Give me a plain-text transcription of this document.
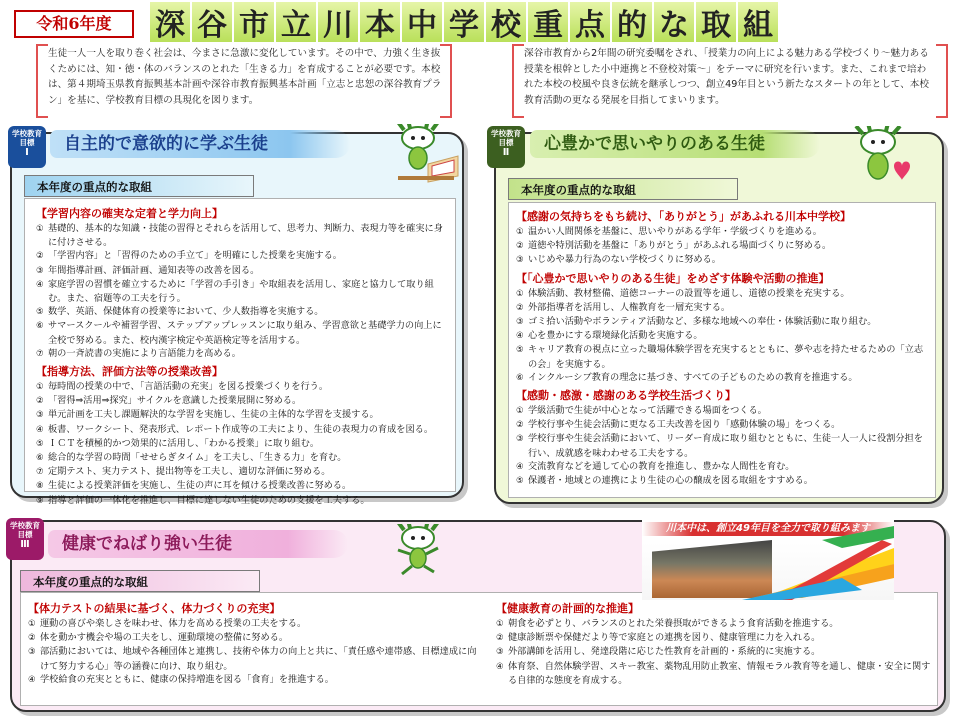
令和6年度	深 谷 市 立 川 本 中 学 校 重 点 的 な 取 組
生徒一人一人を取り巻く社会は、今まさに急激に変化しています。その中で、力強く生き抜くためには、知・徳・体のバランスのとれた「生きる力」を育成することが必要です。本校は、第４期埼玉県教育振興基本計画や深谷市教育振興基本計画「立志と忠恕の深谷教育プラン」を基に、学校教育目標の具現化を図ります。
深谷市教育から2年間の研究委嘱をされ、「授業力の向上による魅力ある学校づくり〜魅力ある授業を根幹とした小中連携と不登校対策〜」をテーマに研究を行います。また、これまで培われた本校の校風や良き伝統を継承しつつ、創立49年目という新たなスタートの年として、本校教育活動の更なる発展を目指してまいります。
学校教育
目標
Ⅰ	自主的で意欲的に学ぶ生徒
本年度の重点的な取組
【学習内容の確実な定着と学力向上】
① 基礎的、基本的な知識・技能の習得とそれらを活用して、思考力、判断力、表現力等を確実に身に付けさせる。
② 「学習内容」と「習得のための手立て」を明確にした授業を実施する。
③ 年間指導計画、評価計画、通知表等の改善を図る。
④ 家庭学習の習慣を確立するために「学習の手引き」や取組表を活用し、家庭と協力して取り組む。また、宿題等の工夫を行う。
⑤ 数学、英語、保健体育の授業等において、少人数指導を実施する。
⑥ サマースクールや補習学習、ステップアップレッスンに取り組み、学習意欲と基礎学力の向上に全校で努める。また、校内漢字検定や英語検定等を活用する。
⑦ 朝の一斉読書の実施により言語能力を高める。
【指導方法、評価方法等の授業改善】
① 毎時間の授業の中で、「言語活動の充実」を図る授業づくりを行う。
② 「習得⇒活用⇒探究」サイクルを意識した授業展開に努める。
③ 単元計画を工夫し課題解決的な学習を実施し、生徒の主体的な学習を支援する。
④ 板書、ワークシート、発表形式、レポート作成等の工夫により、生徒の表現力の育成を図る。
⑤ ＩＣＴを積極的かつ効果的に活用し、「わかる授業」に取り組む。
⑥ 総合的な学習の時間「せせらぎタイム」を工夫し、「生きる力」を育む。
⑦ 定期テスト、実力テスト、提出物等を工夫し、適切な評価に努める。
⑧ 生徒による授業評価を実施し、生徒の声に耳を傾ける授業改善に努める。
⑨ 指導と評価の一体化を推進し、目標に達しない生徒のための支援を工夫する。
学校教育
目標
Ⅱ	心豊かで思いやりのある生徒
本年度の重点的な取組
【感謝の気持ちをもち続け、「ありがとう」があふれる川本中学校】
① 温かい人間関係を基盤に、思いやりがある学年・学級づくりを進める。
② 道徳や特別活動を基盤に「ありがとう」があふれる場面づくりに努める。
③ いじめや暴力行為のない学校づくりに努める。
【「心豊かで思いやりのある生徒」をめざす体験や活動の推進】
① 体験活動、教材整備、道徳コーナーの設置等を通し、道徳の授業を充実する。
② 外部指導者を活用し、人権教育を一層充実する。
③ ゴミ拾い活動やボランティア活動など、多様な地域への奉仕・体験活動に取り組む。
④ 心を豊かにする環境緑化活動を実施する。
⑤ キャリア教育の視点に立った職場体験学習を充実するとともに、夢や志を持たせるための「立志の会」を実施する。
⑥ インクルーシブ教育の理念に基づき、すべての子どものための教育を推進する。
【感動・感激・感謝のある学校生活づくり】
① 学級活動で生徒が中心となって活躍できる場面をつくる。
② 学校行事や生徒会活動に更なる工夫改善を図り「感動体験の場」をつくる。
③ 学校行事や生徒会活動において、リーダー育成に取り組むとともに、生徒一人一人に役割分担を行い、成就感を味わわせる工夫をする。
④ 交流教育などを通して心の教育を推進し、豊かな人間性を育む。
⑤ 保護者・地域との連携により生徒の心の醸成を図る取組をすすめる。
学校教育
目標
Ⅲ	健康でねばり強い生徒
本年度の重点的な取組
【体力テストの結果に基づく、体力づくりの充実】
① 運動の喜びや楽しさを味わせ、体力を高める授業の工夫をする。
② 体を動かす機会や場の工夫をし、運動環境の整備に努める。
③ 部活動においては、地域や各種団体と連携し、技術や体力の向上と共に、「責任感や連帯感、目標達成に向けて努力する心」等の涵養に向け、取り組む。
④ 学校給食の充実とともに、健康の保持増進を図る「食育」を推進する。
【健康教育の計画的な推進】
① 朝食を必ずとり、バランスのとれた栄養摂取ができるよう食育活動を推進する。
② 健康診断票や保健だより等で家庭との連携を図り、健康管理に力を入れる。
③ 外部講師を活用し、発達段階に応じた性教育を計画的・系統的に実施する。
④ 体育祭、自然体験学習、スキー教室、薬物乱用防止教室、情報モラル教育等を通し、健康・安全に関する自律的な態度を育成する。
川本中は、創立49年目を全力で取り組みます
